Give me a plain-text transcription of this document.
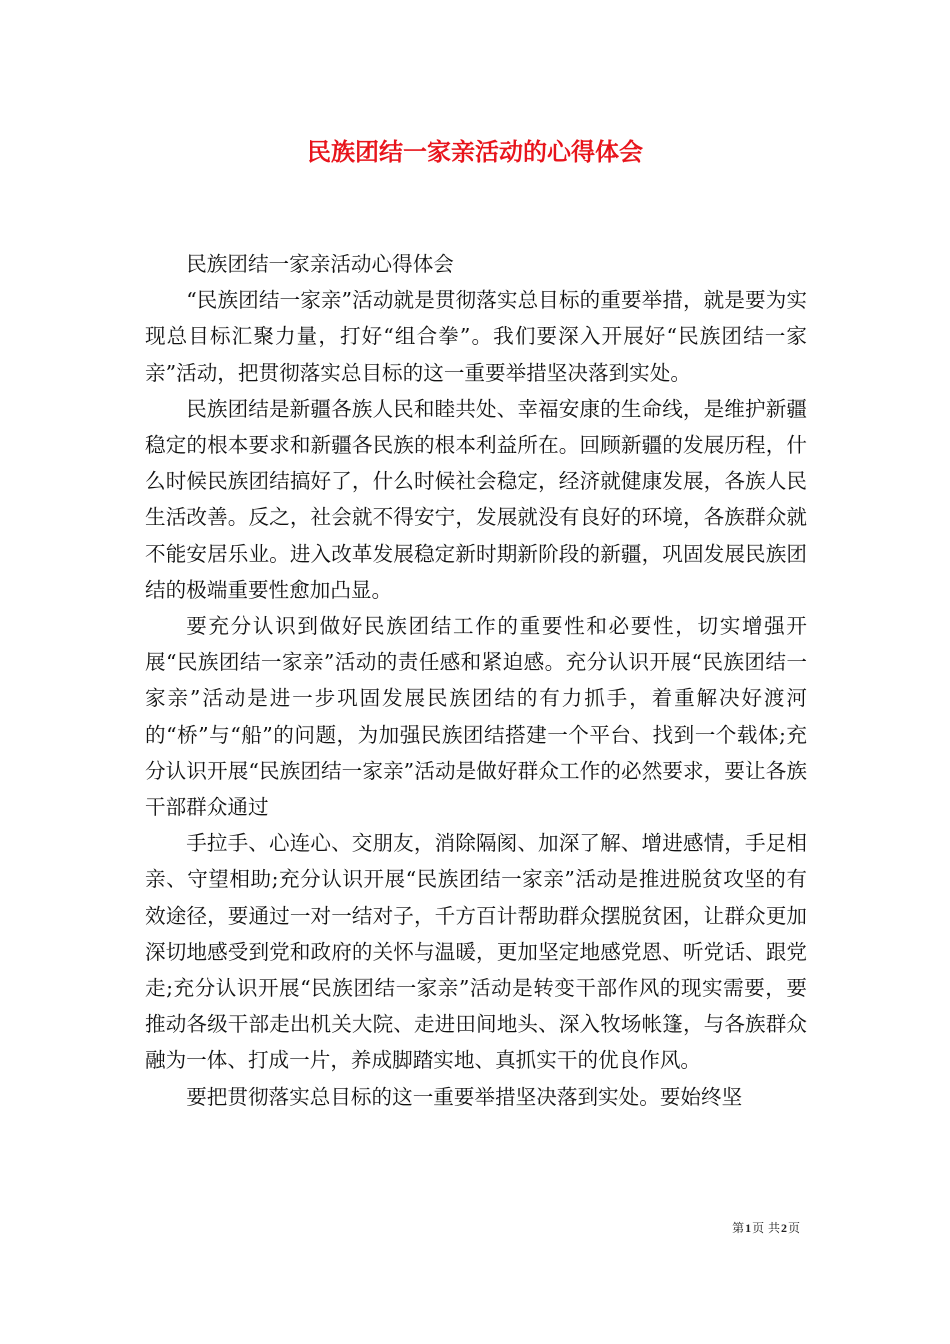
民族团结一家亲活动的心得体会

民族团结一家亲活动心得体会

“民族团结一家亲”活动就是贯彻落实总目标的重要举措，就是要为实现总目标汇聚力量，打好“组合拳”。我们要深入开展好“民族团结一家亲”活动，把贯彻落实总目标的这一重要举措坚决落到实处。

民族团结是新疆各族人民和睦共处、幸福安康的生命线，是维护新疆稳定的根本要求和新疆各民族的根本利益所在。回顾新疆的发展历程，什么时候民族团结搞好了，什么时候社会稳定，经济就健康发展，各族人民生活改善。反之，社会就不得安宁，发展就没有良好的环境，各族群众就不能安居乐业。进入改革发展稳定新时期新阶段的新疆，巩固发展民族团结的极端重要性愈加凸显。

要充分认识到做好民族团结工作的重要性和必要性，切实增强开展“民族团结一家亲”活动的责任感和紧迫感。充分认识开展“民族团结一家亲”活动是进一步巩固发展民族团结的有力抓手，着重解决好渡河的“桥”与“船”的问题，为加强民族团结搭建一个平台、找到一个载体;充分认识开展“民族团结一家亲”活动是做好群众工作的必然要求，要让各族干部群众通过

手拉手、心连心、交朋友，消除隔阂、加深了解、增进感情，手足相亲、守望相助;充分认识开展“民族团结一家亲”活动是推进脱贫攻坚的有效途径，要通过一对一结对子，千方百计帮助群众摆脱贫困，让群众更加深切地感受到党和政府的关怀与温暖，更加坚定地感党恩、听党话、跟党走;充分认识开展“民族团结一家亲”活动是转变干部作风的现实需要，要推动各级干部走出机关大院、走进田间地头、深入牧场帐篷，与各族群众融为一体、打成一片，养成脚踏实地、真抓实干的优良作风。

要把贯彻落实总目标的这一重要举措坚决落到实处。要始终坚

第1页 共2页
